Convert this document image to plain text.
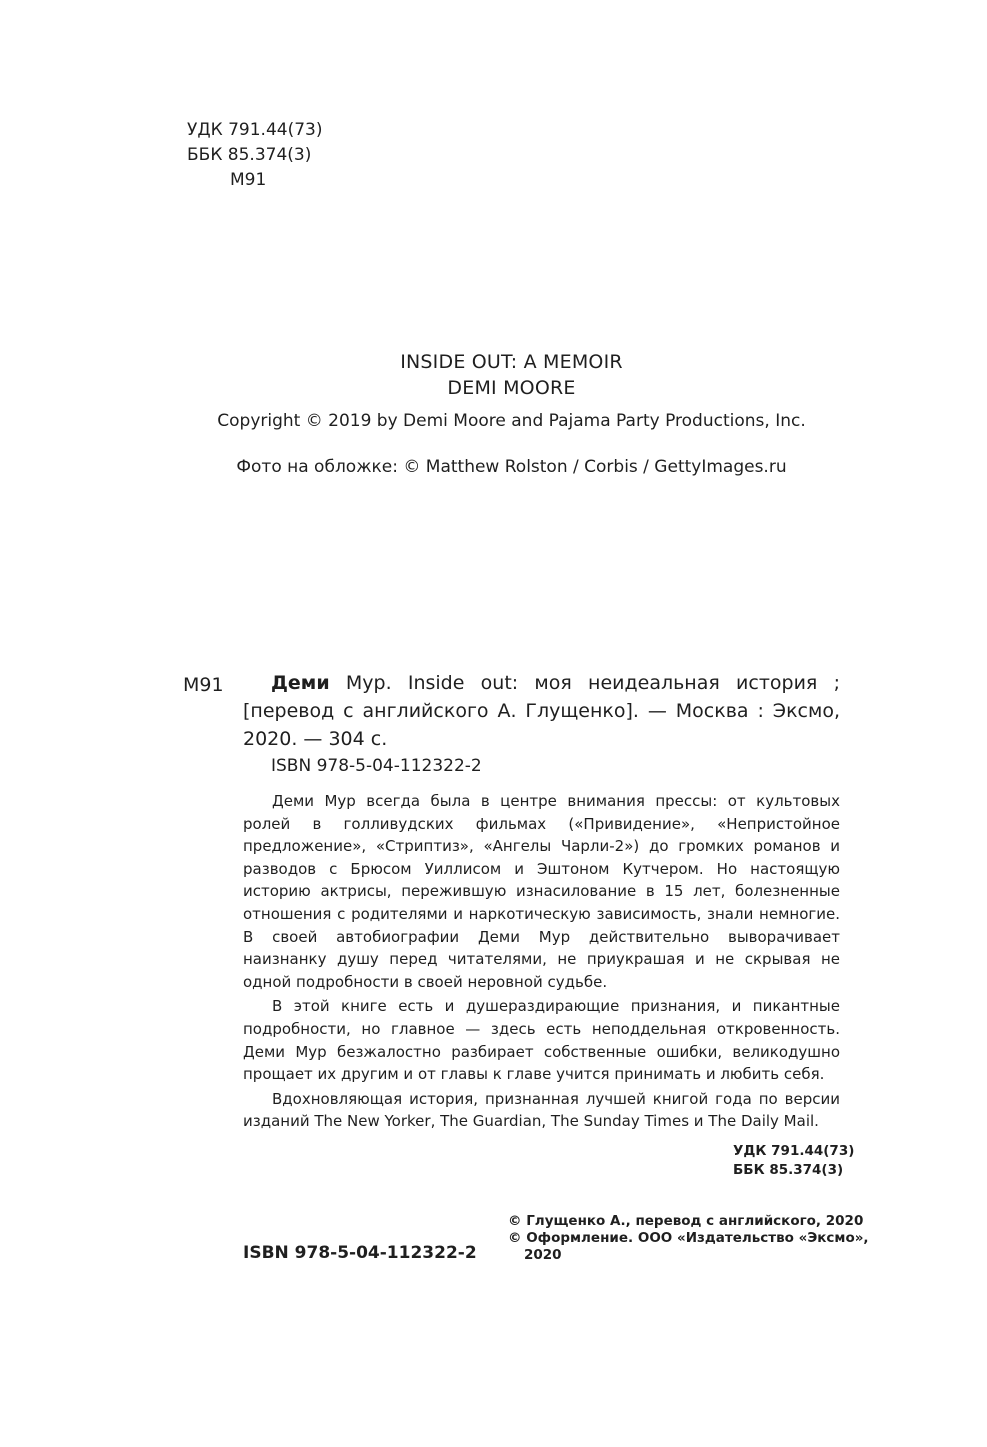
УДК 791.44(73)
ББК 85.374(3)
М91
INSIDE OUT: A MEMOIR
DEMI MOORE
Copyright © 2019 by Demi Moore and Pajama Party Productions, Inc.
Фото на обложке: © Matthew Rolston / Corbis / GettyImages.ru
М91	Деми Мур. Inside out: моя неидеальная история ; [перевод с английского А. Глущенко]. — Москва : Эксмо, 2020. — 304 с.
ISBN 978-5-04-112322-2

Деми Мур всегда была в центре внимания прессы: от культовых ролей в голливудских фильмах («Привидение», «Непристойное предложение», «Стриптиз», «Ангелы Чарли-2») до громких романов и разводов с Брюсом Уиллисом и Эштоном Кутчером. Но настоящую историю актрисы, пережившую изнасилование в 15 лет, болезненные отношения с родителями и наркотическую зависимость, знали немногие. В своей автобиографии Деми Мур действительно выворачивает наизнанку душу перед читателями, не приукрашая и не скрывая не одной подробности в своей неровной судьбе.

В этой книге есть и душераздирающие признания, и пикантные подробности, но главное — здесь есть неподдельная откровенность. Деми Мур безжалостно разбирает собственные ошибки, великодушно прощает их другим и от главы к главе учится принимать и любить себя.

Вдохновляющая история, признанная лучшей книгой года по версии изданий The New Yorker, The Guardian, The Sunday Times и The Daily Mail.

УДК 791.44(73)
ББК 85.374(3)
ISBN 978-5-04-112322-2
© Глущенко А., перевод с английского, 2020
© Оформление. ООО «Издательство «Эксмо»,
2020
